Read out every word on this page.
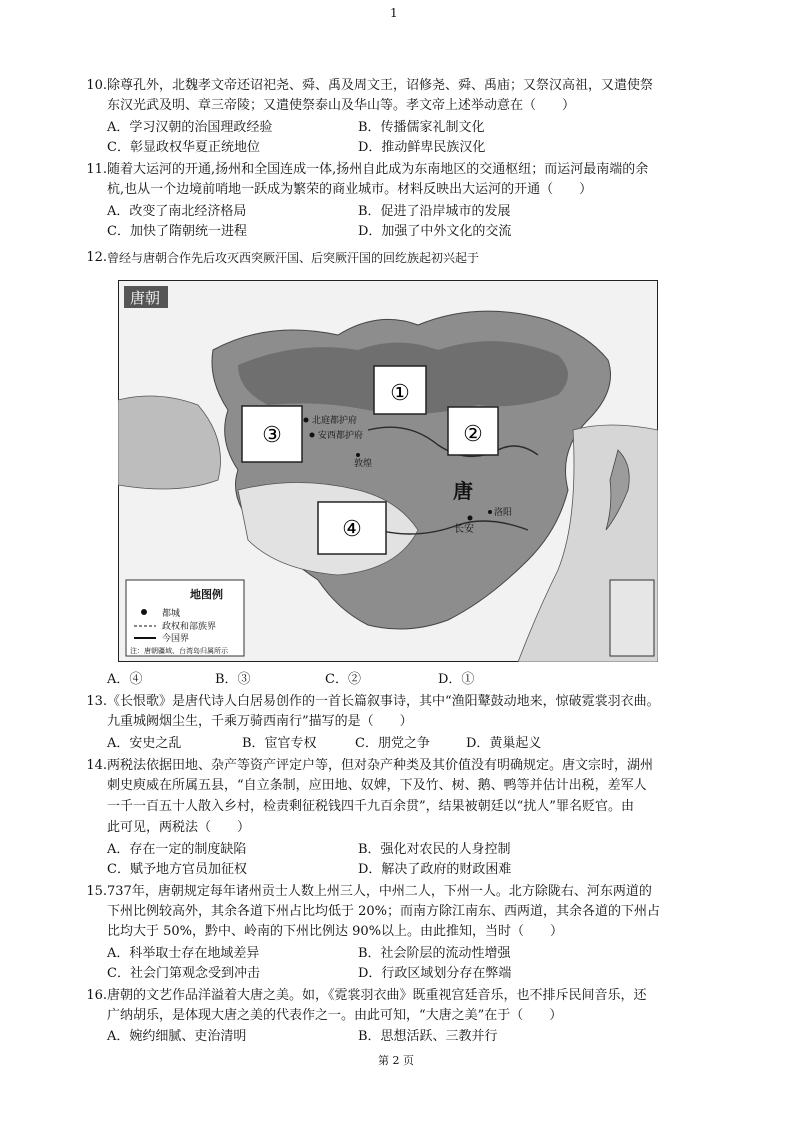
1
10. 除尊孔外，北魏孝文帝还诏祀尧、舜、禹及周文王，诏修尧、舜、禹庙；又祭汉高祖，又遣使祭
东汉光武及明、章三帝陵；又遣使祭泰山及华山等。孝文帝上述举动意在（　　）
A．学习汉朝的治国理政经验	B．传播儒家礼制文化
C．彰显政权华夏正统地位	D．推动鲜卑民族汉化
11. 随着大运河的开通,扬州和全国连成一体,扬州自此成为东南地区的交通枢纽；而运河最南端的余
杭,也从一个边境前哨地一跃成为繁荣的商业城市。材料反映出大运河的开通（　　）
A．改变了南北经济格局	B．促进了沿岸城市的发展
C．加快了隋朝统一进程	D．加强了中外文化的交流
12. 曾经与唐朝合作先后攻灭西突厥汗国、后突厥汗国的回纥族起初兴起于
唐朝
①
②
③
④
北庭都护府
安西都护府
敦煌
长安
洛阳
唐
地图例
都城
政权和部族界
今国界
注：唐朝疆域、台湾岛归属所示
A．④	B．③	C．②	D．①
13. 《长恨歌》是唐代诗人白居易创作的一首长篇叙事诗，其中“渔阳鼙鼓动地来，惊破霓裳羽衣曲。
九重城阙烟尘生，千乘万骑西南行”描写的是（　　）
A．安史之乱	B．宦官专权	C．朋党之争	D．黄巢起义
14. 两税法依据田地、杂产等资产评定户等，但对杂产种类及其价值没有明确规定。唐文宗时，湖州
刺史庾威在所属五县，“自立条制，应田地、奴婢，下及竹、树、鹅、鸭等并估计出税，差军人
一千一百五十人散入乡村，检责剩征税钱四千九百余贯”，结果被朝廷以“扰人”罪名贬官。由
此可见，两税法（　　）
A．存在一定的制度缺陷	B．强化对农民的人身控制
C．赋予地方官员加征权	D．解决了政府的财政困难
15. 737年，唐朝规定每年诸州贡士人数上州三人，中州二人，下州一人。北方除陇右、河东两道的
下州比例较高外，其余各道下州占比均低于 20%；而南方除江南东、西两道，其余各道的下州占
比均大于 50%，黔中、岭南的下州比例达 90%以上。由此推知，当时（　　）
A．科举取士存在地域差异	B．社会阶层的流动性增强
C．社会门第观念受到冲击	D．行政区域划分存在弊端
16. 唐朝的文艺作品洋溢着大唐之美。如，《霓裳羽衣曲》既重视宫廷音乐，也不排斥民间音乐，还
广纳胡乐，是体现大唐之美的代表作之一。由此可知，“大唐之美”在于（　　）
A．婉约细腻、吏治清明	B．思想活跃、三教并行
第 2 页
